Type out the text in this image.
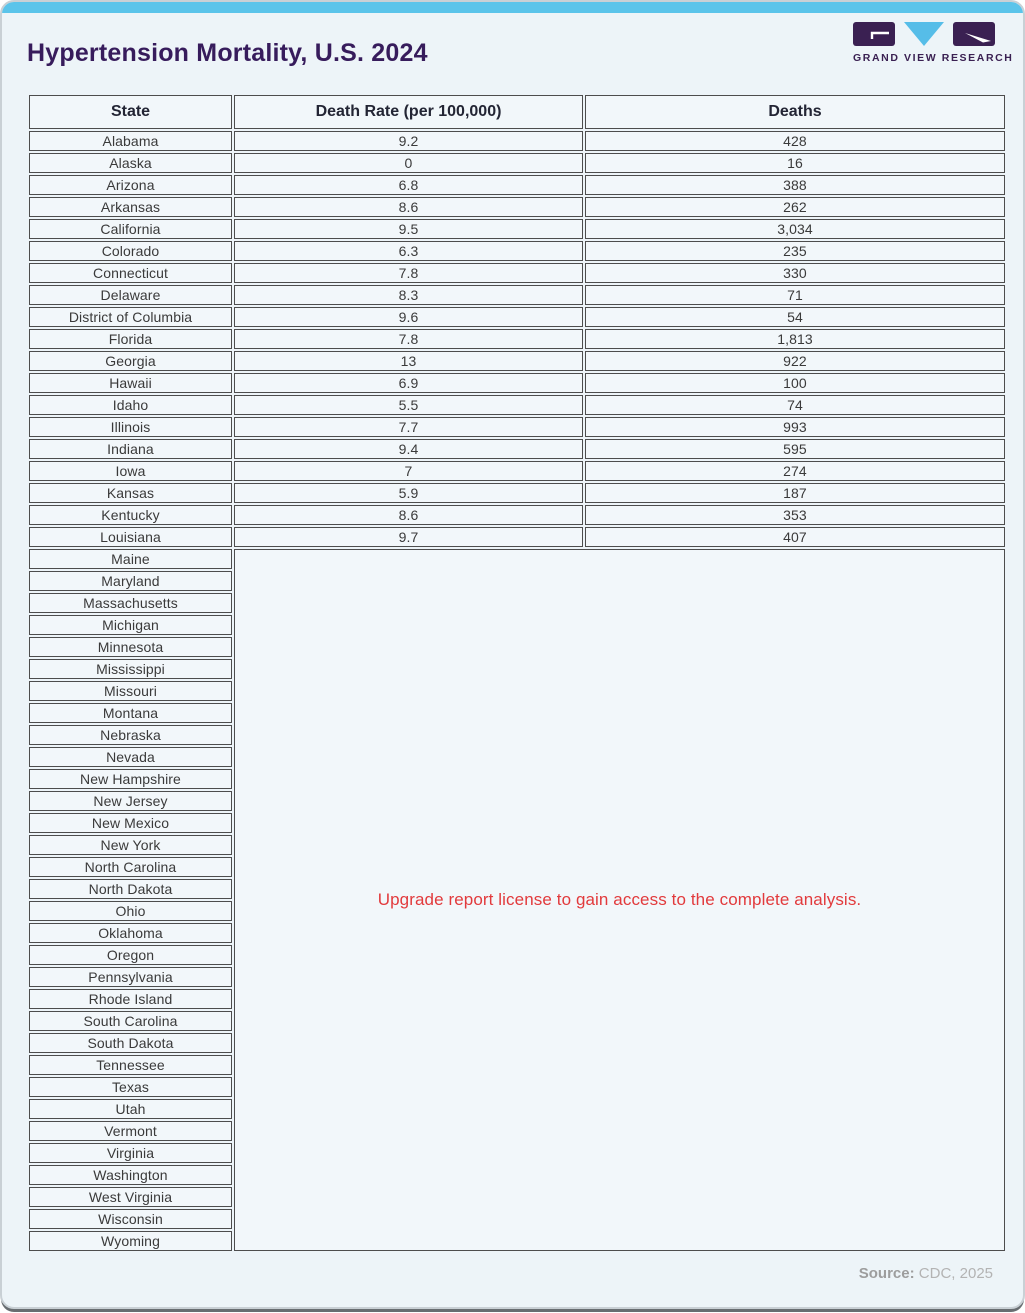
Hypertension Mortality, U.S. 2024	GRAND VIEW RESEARCH
State	Death Rate (per 100,000)	Deaths
Alabama	9.2	428
Alaska	0	16
Arizona	6.8	388
Arkansas	8.6	262
California	9.5	3,034
Colorado	6.3	235
Connecticut	7.8	330
Delaware	8.3	71
District of Columbia	9.6	54
Florida	7.8	1,813
Georgia	13	922
Hawaii	6.9	100
Idaho	5.5	74
Illinois	7.7	993
Indiana	9.4	595
Iowa	7	274
Kansas	5.9	187
Kentucky	8.6	353
Louisiana	9.7	407
Maine	Upgrade report license to gain access to the complete analysis.	
Maryland		
Massachusetts		
Michigan		
Minnesota		
Mississippi		
Missouri		
Montana		
Nebraska		
Nevada		
New Hampshire		
New Jersey		
New Mexico		
New York		
North Carolina		
North Dakota		
Ohio		
Oklahoma		
Oregon		
Pennsylvania		
Rhode Island		
South Carolina		
South Dakota		
Tennessee		
Texas		
Utah		
Vermont		
Virginia		
Washington		
West Virginia		
Wisconsin		
Wyoming		
Source: CDC, 2025
